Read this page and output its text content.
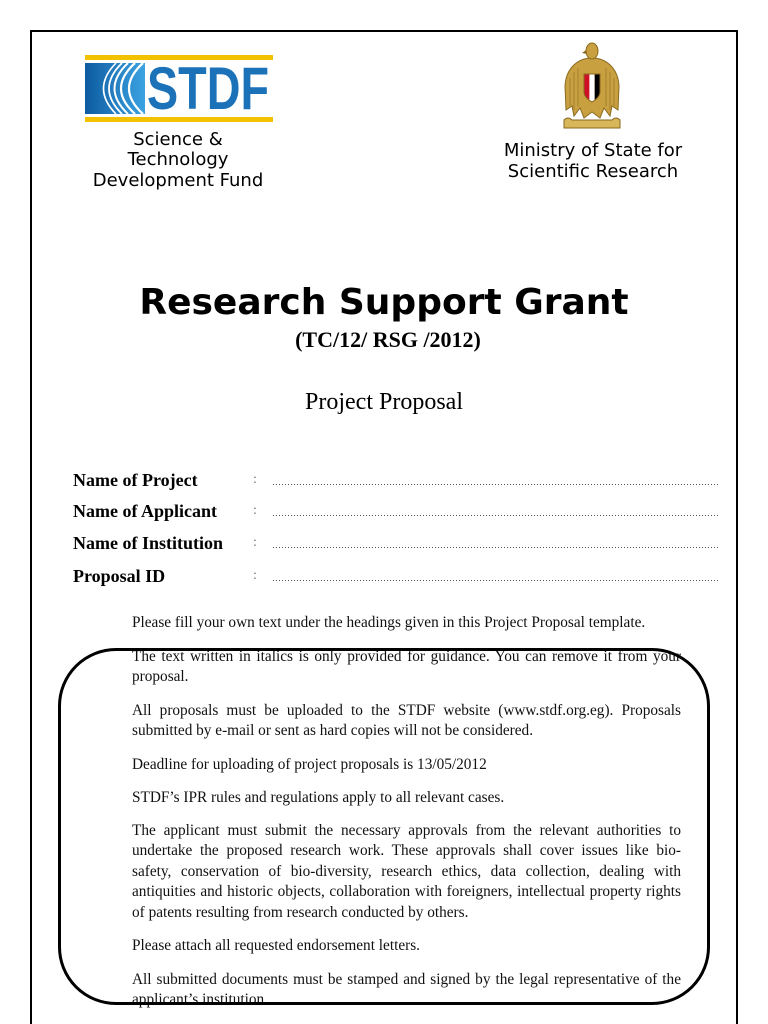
STDF
Science &
Technology
Development Fund
Ministry of State for
Scientific Research
Research Support Grant
(TC/12/ RSG /2012)
Project Proposal
Name of Project	:
Name of Applicant	:
Name of Institution :
Proposal ID	:
Please fill your own text under the headings given in this Project Proposal template.
The text written in italics is only provided for guidance. You can remove it from your
proposal.
All proposals must be uploaded to the STDF website (www.stdf.org.eg). Proposals
submitted by e-mail or sent as hard copies will not be considered.
Deadline for uploading of project proposals is 13/05/2012
STDF’s IPR rules and regulations apply to all relevant cases.
The applicant must submit the necessary approvals from the relevant authorities to
undertake the proposed research work. These approvals shall cover issues like bio-
safety, conservation of bio-diversity, research ethics, data collection, dealing with
antiquities and historic objects, collaboration with foreigners, intellectual property rights
of patents resulting from research conducted by others.
Please attach all requested endorsement letters.
All submitted documents must be stamped and signed by the legal representative of the
applicant’s institution.
